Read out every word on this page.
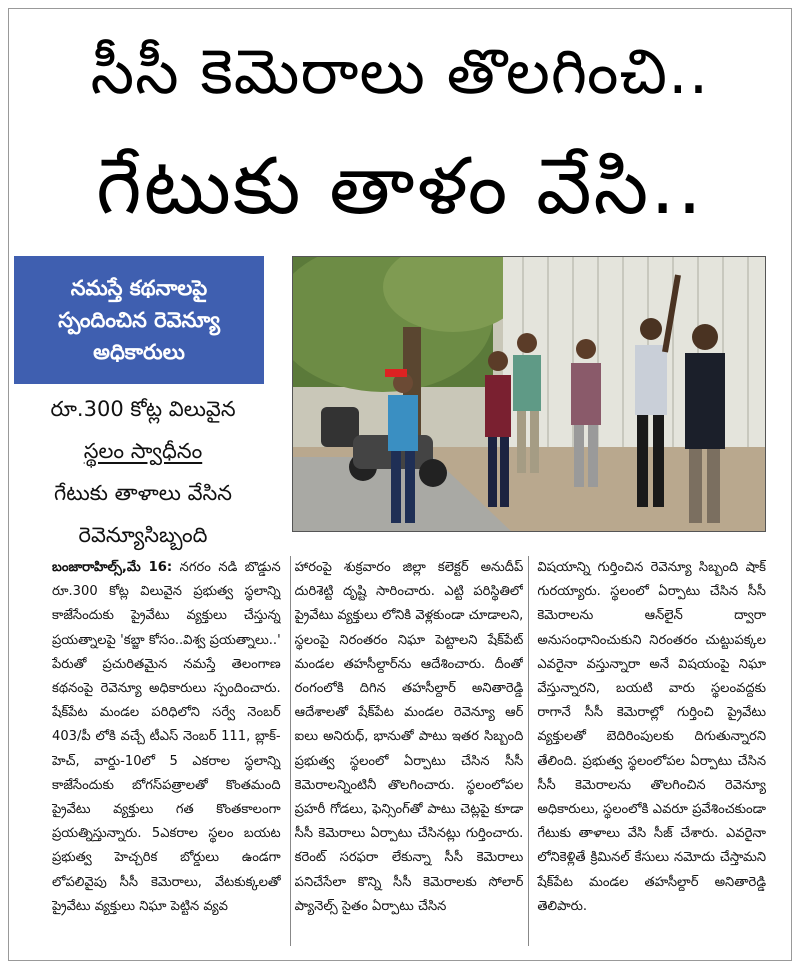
సీసీ కెమెరాలు తొలగించి..
గేటుకు తాళం వేసి..
నమస్తే కథనాలపై
స్పందించిన రెవెన్యూ
అధికారులు
రూ.300 కోట్ల విలువైన
స్థలం స్వాధీనం
గేటుకు తాళాలు వేసిన
రెవెన్యూసిబ్బంది

బంజారాహిల్స్,మే 16: నగరం నడి బొడ్డున రూ.300 కోట్ల విలువైన ప్రభుత్వ స్థలాన్ని కాజేసేందుకు ప్రైవేటు వ్యక్తులు చేస్తున్న ప్రయత్నాలపై 'కబ్జా కోసం..విశ్వ ప్రయత్నాలు..' పేరుతో ప్రచురితమైన నమస్తే తెలంగాణ కథనంపై రెవెన్యూ అధికారులు స్పందించారు. షేక్‌పేట మండల పరిధిలోని సర్వే నెంబర్ 403/పీ లోకి వచ్చే టీఎస్ నెంబర్ 111, బ్లాక్- హెచ్, వార్డు-10లో 5 ఎకరాల స్థలాన్ని కాజేసేందుకు బోగస్‌పత్రాలతో కొంతమంది ప్రైవేటు వ్యక్తులు గత కొంతకాలంగా ప్రయత్నిస్తున్నారు. 5ఎకరాల స్థలం బయట ప్రభుత్వ హెచ్చరిక బోర్డులు ఉండగా లోపలివైపు సీసీ కెమెరాలు, వేటకుక్కలతో ప్రైవేటు వ్యక్తులు నిఘా పెట్టిన వ్యవ

హారంపై శుక్రవారం జిల్లా కలెక్టర్ అనుదీప్ దురిశెట్టి దృష్టి సారించారు. ఎట్టి పరిస్థితిలో ప్రైవేటు వ్యక్తులు లోనికి వెళ్లకుండా చూడాలని, స్థలంపై నిరంతరం నిఘా పెట్టాలని షేక్‌పేట్ మండల తహసీల్దార్‌ను ఆదేశించారు. దీంతో రంగంలోకి దిగిన తహసీల్దార్ అనితారెడ్డి ఆదేశాలతో షేక్‌పేట మండల రెవెన్యూ ఆర్ ఐలు అనిరుధ్, భానుతో పాటు ఇతర సిబ్బంది ప్రభుత్వ స్థలంలో ఏర్పాటు చేసిన సీసీ కెమెరాలన్నింటినీ తొలగించారు. స్థలంలోపల ప్రహరీ గోడలు, ఫెన్సింగ్‌తో పాటు చెట్లపై కూడా సీసీ కెమెరాలు ఏర్పాటు చేసినట్లు గుర్తించారు. కరెంట్ సరఫరా లేకున్నా సీసీ కెమెరాలు పనిచేసేలా కొన్ని సీసీ కెమెరాలకు సోలార్ ప్యానెల్స్ సైతం ఏర్పాటు చేసిన

విషయాన్ని గుర్తించిన రెవెన్యూ సిబ్బంది షాక్ గురయ్యారు. స్థలంలో ఏర్పాటు చేసిన సీసీ కెమెరాలను ఆన్‌లైన్ ద్వారా అనుసంధానించుకుని నిరంతరం చుట్టుపక్కల ఎవరైనా వస్తున్నారా అనే విషయంపై నిఘా వేస్తున్నారని, బయటి వారు స్థలంవద్దకు రాగానే సీసీ కెమెరాల్లో గుర్తించి ప్రైవేటు వ్యక్తులతో బెదిరింపులకు దిగుతున్నారని తేలింది. ప్రభుత్వ స్థలంలోపల ఏర్పాటు చేసిన సీసీ కెమెరాలను తొలగించిన రెవెన్యూ అధికారులు, స్థలంలోకి ఎవరూ ప్రవేశించకుండా గేటుకు తాళాలు వేసి సీజ్ చేశారు. ఎవరైనా లోనికెళ్లితే క్రిమినల్ కేసులు నమోదు చేస్తామని షేక్‌పేట మండల తహసీల్దార్ అనితారెడ్డి తెలిపారు.
